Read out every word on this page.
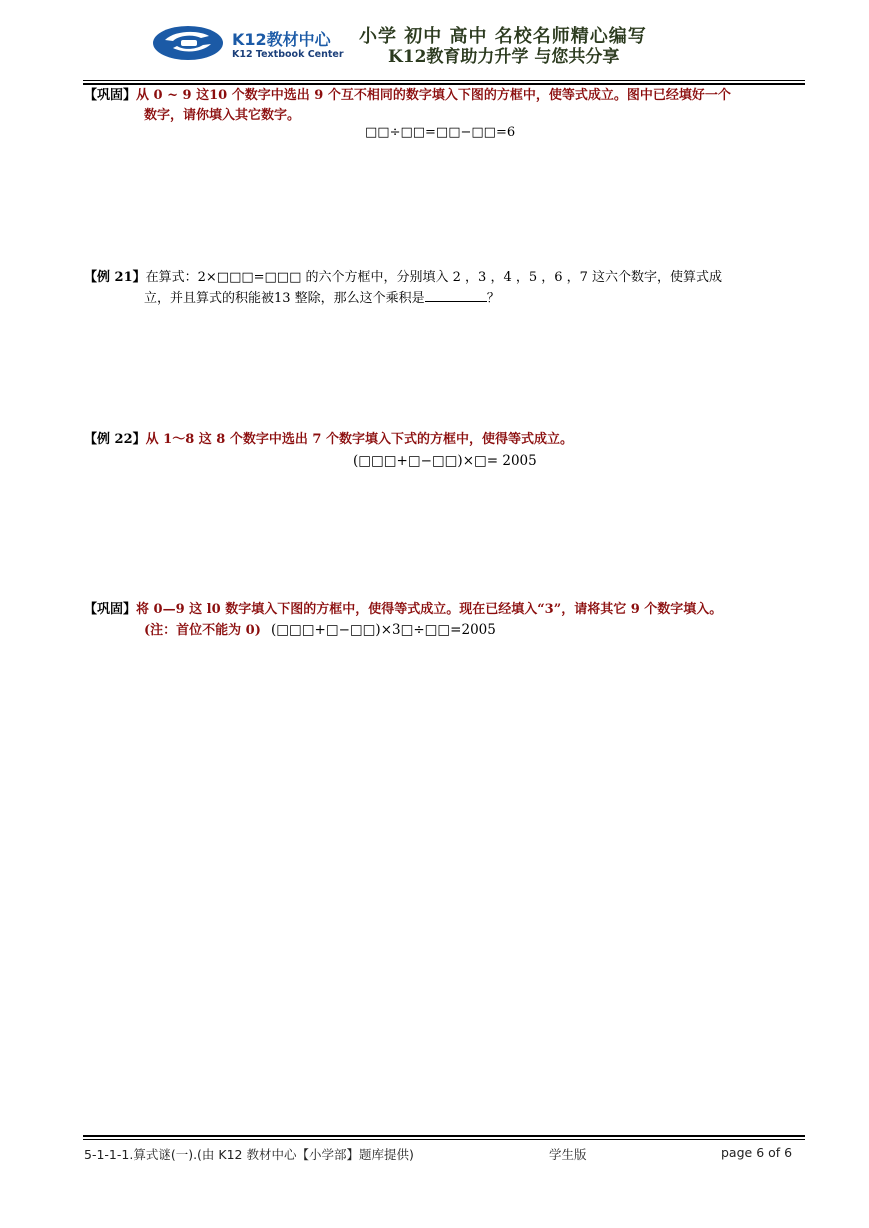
K12教材中心
K12 Textbook Center
小学 初中 高中 名校名师精心编写
K12教育助力升学 与您共分享
【巩固】从 0 ~ 9 这10 个数字中选出 9 个互不相同的数字填入下图的方框中，使等式成立。图中已经填好一个
数字，请你填入其它数字。
□□÷□□=□□−□□=6
【例 21】在算式：2×□□□=□□□ 的六个方框中，分别填入 2 ，3 ，4 ，5 ，6 ，7 这六个数字，使算式成
立，并且算式的积能被13 整除，那么这个乘积是	？
【例 22】从 1～8 这 8 个数字中选出 7 个数字填入下式的方框中，使得等式成立。
(□□□+□−□□)×□= 2005
【巩固】将 0—9 这 l0 数字填入下图的方框中，使得等式成立。现在已经填入“3”，请将其它 9 个数字填入。
(注：首位不能为 0) (□□□+□−□□)×3□÷□□=2005
5-1-1-1.算式谜(一).(由 K12 教材中心【小学部】题库提供)	学生版	page 6 of 6
